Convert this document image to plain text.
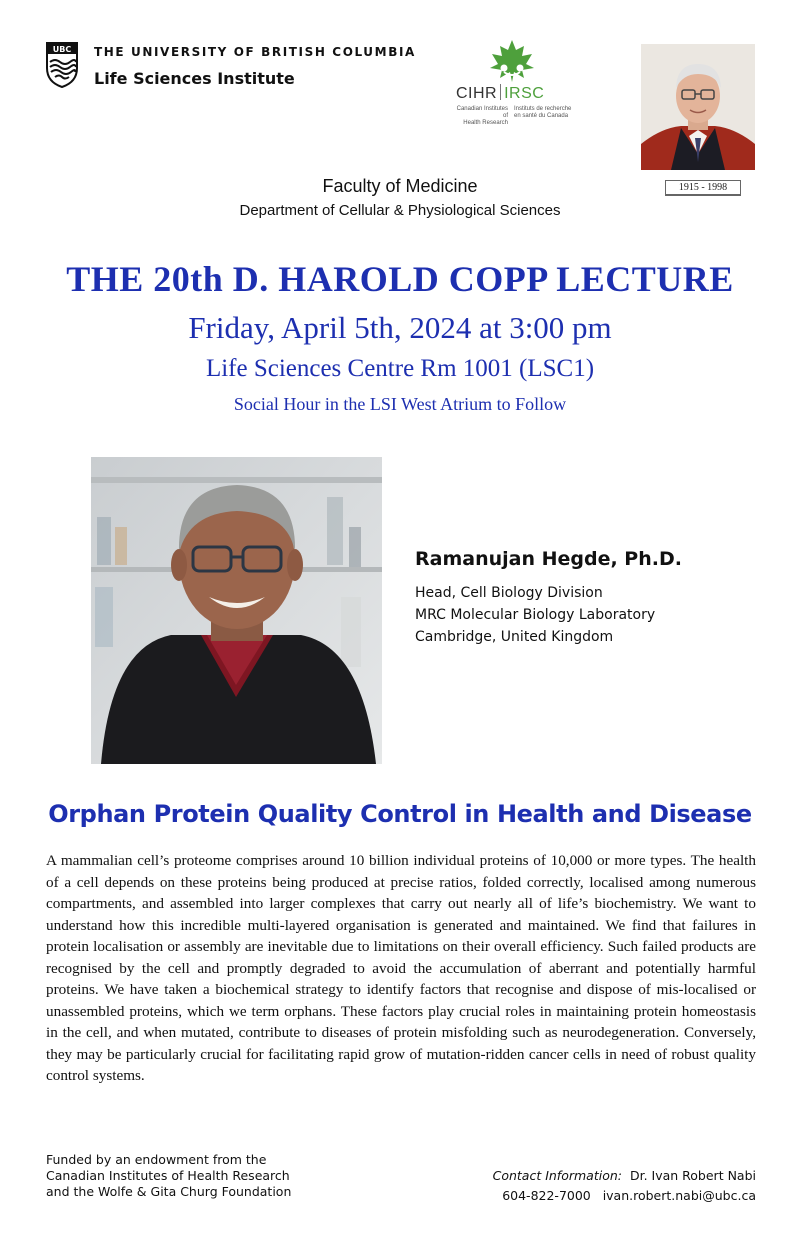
UBC THE UNIVERSITY OF BRITISH COLUMBIA
Life Sciences Institute
CIHR IRSC
Canadian Institutes of
Health Research
Instituts de recherche
en santé du Canada
1915 - 1998
Faculty of Medicine
Department of Cellular & Physiological Sciences
THE 20th D. HAROLD COPP LECTURE
Friday, April 5th, 2024 at 3:00 pm
Life Sciences Centre Rm 1001 (LSC1)
Social Hour in the LSI West Atrium to Follow
Ramanujan Hegde, Ph.D.
Head, Cell Biology Division
MRC Molecular Biology Laboratory
Cambridge, United Kingdom
Orphan Protein Quality Control in Health and Disease
A mammalian cell’s proteome comprises around 10 billion individual proteins of 10,000 or more types. The health of a cell depends on these proteins being produced at precise ratios, folded correctly, localised among numerous compartments, and assembled into larger complexes that carry out nearly all of life’s biochemistry. We want to understand how this incredible multi-layered organisation is generated and maintained. We find that failures in protein localisation or assembly are inevitable due to limitations on their overall efficiency. Such failed products are recognised by the cell and promptly degraded to avoid the accumulation of aberrant and potentially harmful proteins. We have taken a biochemical strategy to identify factors that recognise and dispose of mis-localised or unassembled proteins, which we term orphans. These factors play crucial roles in maintaining protein homeostasis in the cell, and when mutated, contribute to diseases of protein misfolding such as neurodegeneration. Conversely, they may be particularly crucial for facilitating rapid grow of mutation-ridden cancer cells in need of robust quality control systems.
Funded by an endowment from the
Canadian Institutes of Health Research
and the Wolfe & Gita Churg Foundation
Contact Information: Dr. Ivan Robert Nabi
604-822-7000 ivan.robert.nabi@ubc.ca
